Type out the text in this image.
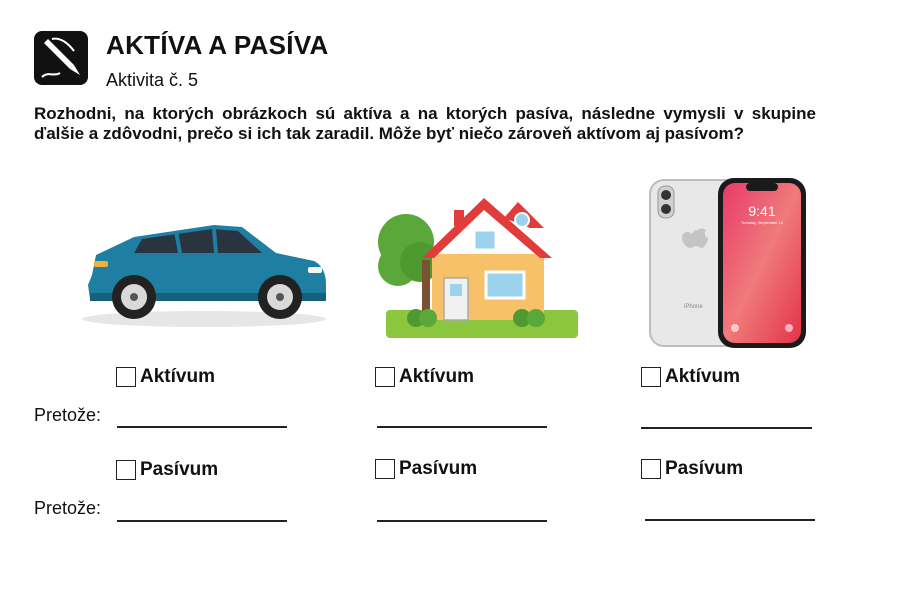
AKTÍVA A PASÍVA
Aktivita č. 5
Rozhodni, na ktorých obrázkoch sú aktíva a na ktorých pasíva, následne vymysli v skupine ďalšie a zdôvodni, prečo si ich tak zaradil. Môže byť niečo zároveň aktívom aj pasívom?
iPhone
9:41
Tuesday, September 12
Aktívum	Aktívum	Aktívum
Pretože:
Pasívum	Pasívum	Pasívum
Pretože:
